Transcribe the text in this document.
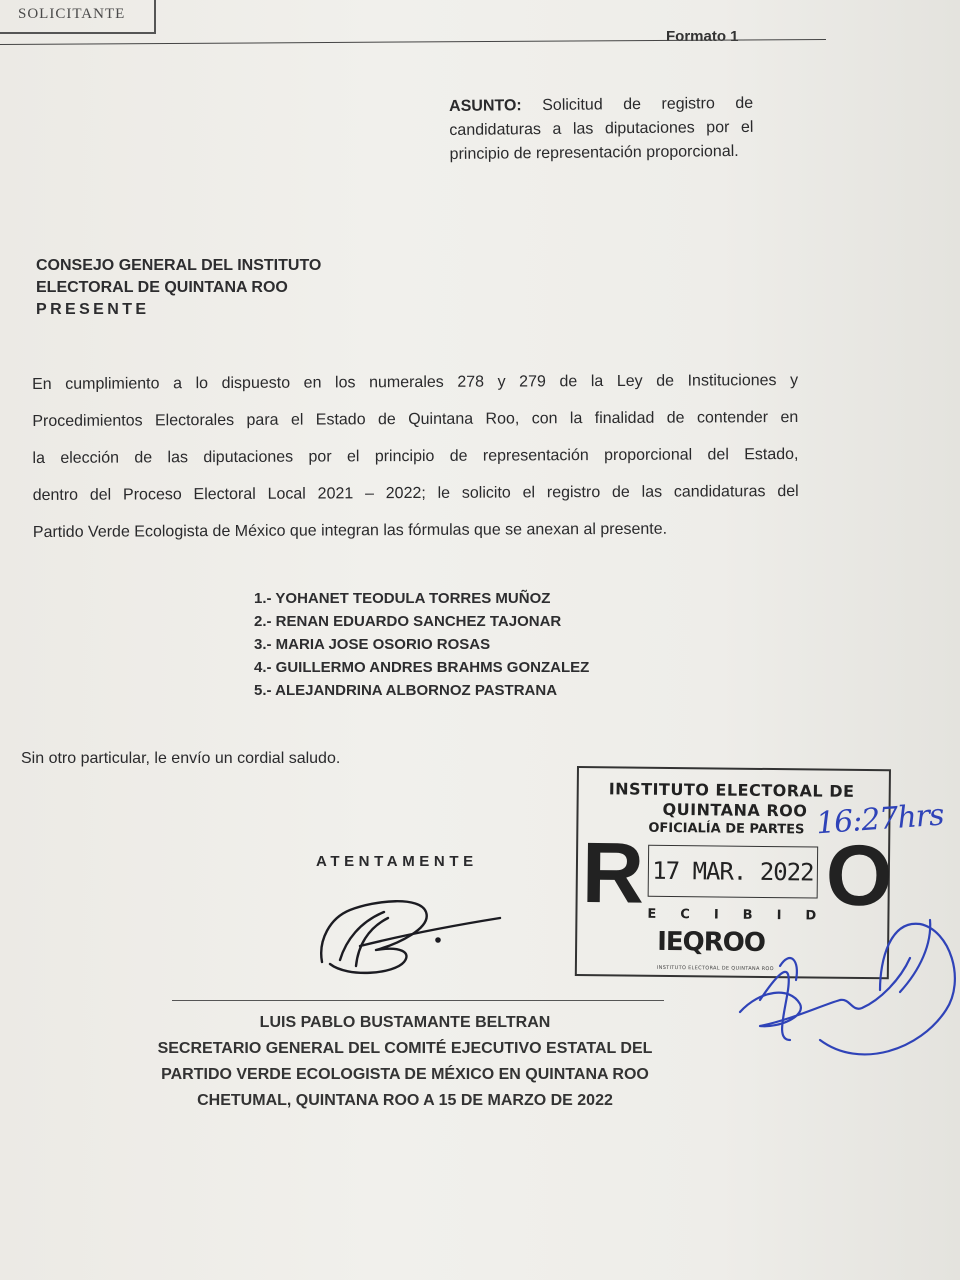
SOLICITANTE
Formato 1
ASUNTO: Solicitud de registro de candidaturas a las diputaciones por el principio de representación proporcional.
CONSEJO GENERAL DEL INSTITUTO
ELECTORAL DE QUINTANA ROO
PRESENTE
En cumplimiento a lo dispuesto en los numerales 278 y 279 de la Ley de Instituciones y
Procedimientos Electorales para el Estado de Quintana Roo, con la finalidad de contender en
la elección de las diputaciones por el principio de representación proporcional del Estado,
dentro del Proceso Electoral Local 2021 – 2022; le solicito el registro de las candidaturas del
Partido Verde Ecologista de México que integran las fórmulas que se anexan al presente.
1.- YOHANET TEODULA TORRES MUÑOZ
2.- RENAN EDUARDO SANCHEZ TAJONAR
3.- MARIA JOSE OSORIO ROSAS
4.- GUILLERMO ANDRES BRAHMS GONZALEZ
5.- ALEJANDRINA ALBORNOZ PASTRANA
Sin otro particular, le envío un cordial saludo.
ATENTAMENTE
LUIS PABLO BUSTAMANTE BELTRAN
SECRETARIO GENERAL DEL COMITÉ EJECUTIVO ESTATAL DEL
PARTIDO VERDE ECOLOGISTA DE MÉXICO EN QUINTANA ROO
CHETUMAL, QUINTANA ROO A 15 DE MARZO DE 2022
INSTITUTO ELECTORAL DE
QUINTANA ROO
OFICIALÍA DE PARTES
R 17 MAR. 2022 O
ECIBID
IEQROO
INSTITUTO ELECTORAL DE QUINTANA ROO
16:27hrs
